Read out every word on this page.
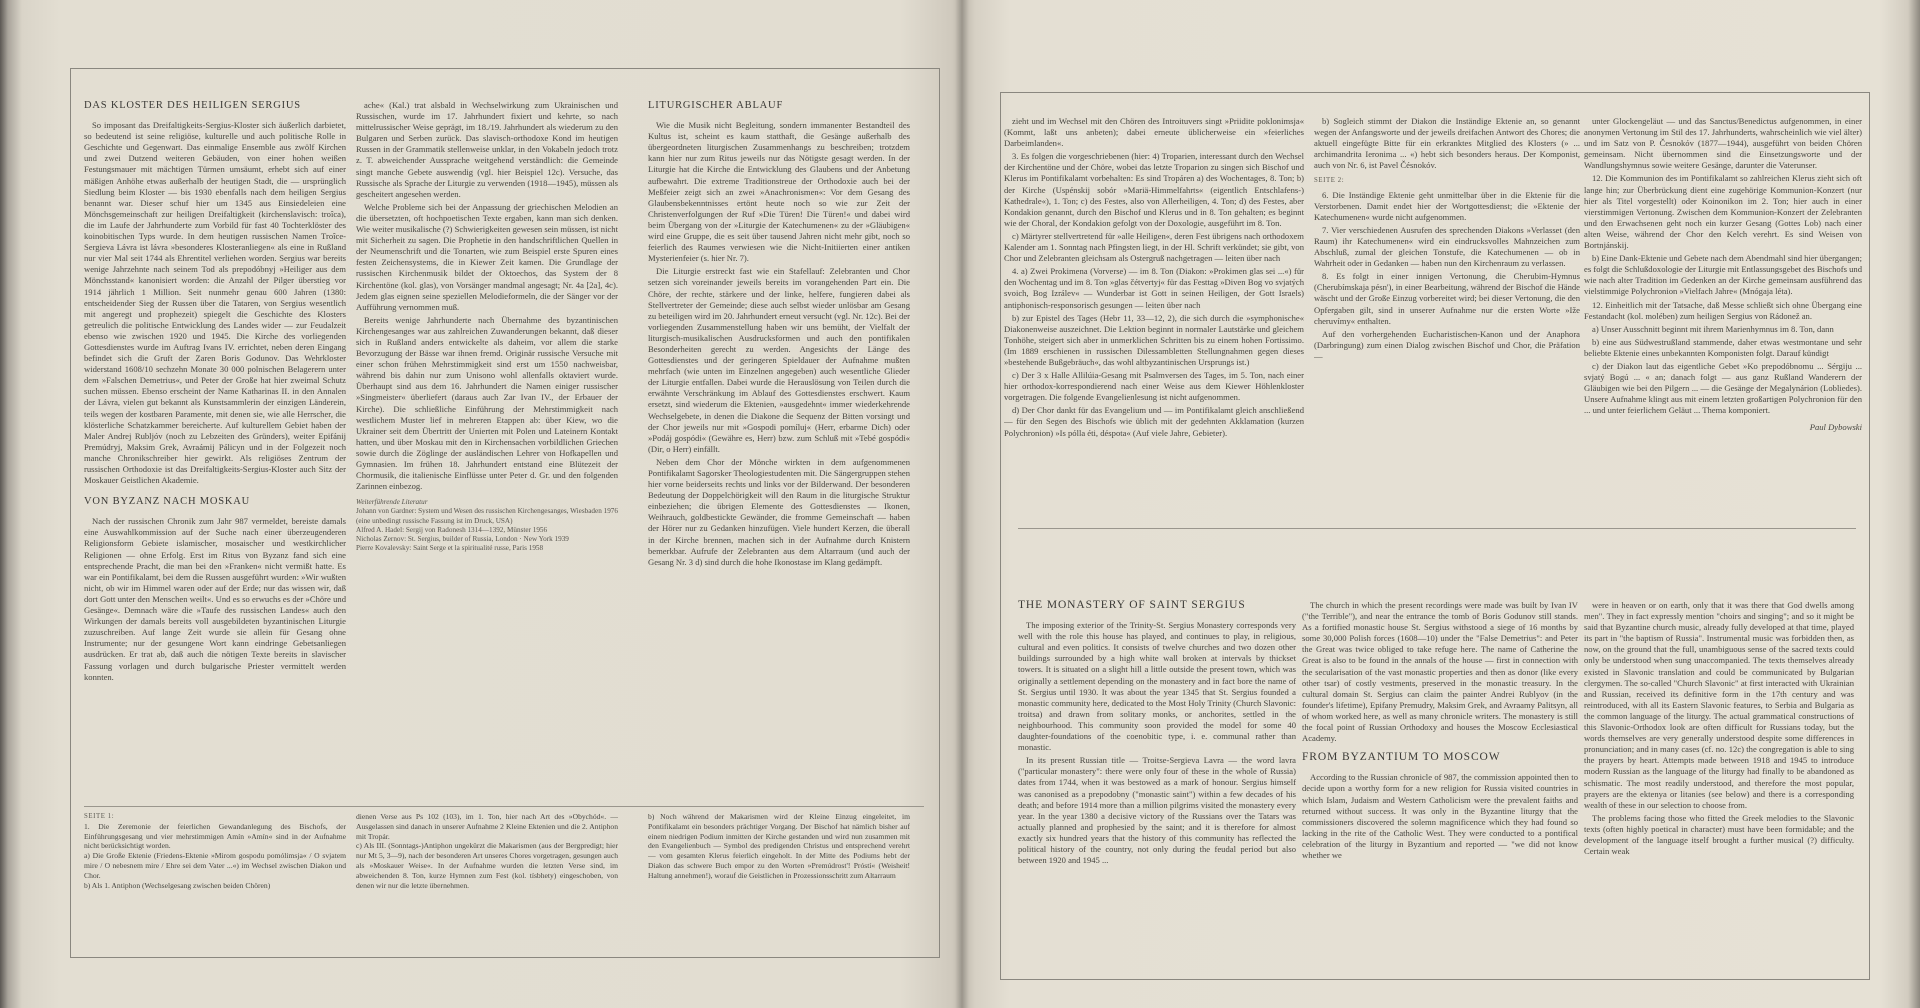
DAS KLOSTER DES HEILIGEN SERGIUS

So imposant das Dreifaltigkeits-Sergius-Kloster sich äußerlich darbietet, so bedeutend ist seine religiöse, kulturelle und auch politische Rolle in Geschichte und Gegenwart. Das einmalige Ensemble aus zwölf Kirchen und zwei Dutzend weiteren Gebäuden, von einer hohen weißen Festungsmauer mit mächtigen Türmen umsäumt, erhebt sich auf einer mäßigen Anhöhe etwas außerhalb der heutigen Stadt, die — ursprünglich Siedlung beim Kloster — bis 1930 ebenfalls nach dem heiligen Sergius benannt war. Dieser schuf hier um 1345 aus Einsiedeleien eine Mönchsgemeinschaft zur heiligen Dreifaltigkeit (kirchenslavisch: troîca), die im Laufe der Jahrhunderte zum Vorbild für fast 40 Tochterklöster des koinobitischen Typs wurde. In dem heutigen russischen Namen Troîce-Sergieva Lávra ist lávra »besonderes Klosteranliegen« als eine in Rußland nur vier Mal seit 1744 als Ehrentitel verliehen worden. Sergius war bereits wenige Jahrzehnte nach seinem Tod als prepodóbnyj »Heiliger aus dem Mönchsstand« kanonisiert worden: die Anzahl der Pilger überstieg vor 1914 jährlich 1 Million. Seit nunmehr genau 600 Jahren (1380: entscheidender Sieg der Russen über die Tataren, von Sergius wesentlich mit angeregt und prophezeit) spiegelt die Geschichte des Klosters getreulich die politische Entwicklung des Landes wider — zur Feudalzeit ebenso wie zwischen 1920 und 1945. Die Kirche des vorliegenden Gottesdienstes wurde im Auftrag Ivans IV. errichtet, neben deren Eingang befindet sich die Gruft der Zaren Boris Godunov. Das Wehrkloster widerstand 1608/10 sechzehn Monate 30 000 polnischen Belagerern unter dem »Falschen Demetrius«, und Peter der Große hat hier zweimal Schutz suchen müssen. Ebenso erscheint der Name Katharinas II. in den Annalen der Lávra, vielen gut bekannt als Kunstsammlerin der einzigen Länderein, teils wegen der kostbaren Paramente, mit denen sie, wie alle Herrscher, die klösterliche Schatzkammer bereicherte. Auf kulturellem Gebiet haben der Maler Andrej Rubljóv (noch zu Lebzeiten des Gründers), weiter Epifánij Premúdryj, Maksim Grek, Avraámij Pálicyn und in der Folgezeit noch manche Chronikschreiber hier gewirkt. Als religiöses Zentrum der russischen Orthodoxie ist das Dreifaltigkeits-Sergius-Kloster auch Sitz der Moskauer Geistlichen Akademie.

VON BYZANZ NACH MOSKAU

Nach der russischen Chronik zum Jahr 987 vermeldet, bereiste damals eine Auswahlkommission auf der Suche nach einer überzeugenderen Religionsform Gebiete islamischer, mosaischer und westkirchlicher Religionen — ohne Erfolg. Erst im Ritus von Byzanz fand sich eine entsprechende Pracht, die man bei den »Franken« nicht vermißt hatte. Es war ein Pontifikalamt, bei dem die Russen ausgeführt wurden: »Wir wußten nicht, ob wir im Himmel waren oder auf der Erde; nur das wissen wir, daß dort Gott unter den Menschen weilt«. Und es so erwuchs es der »Chöre und Gesänge«. Demnach wäre die »Taufe des russischen Landes« auch den Wirkungen der damals bereits voll ausgebildeten byzantinischen Liturgie zuzuschreiben. Auf lange Zeit wurde sie allein für Gesang ohne Instrumente; nur der gesungene Wort kann eindringe Gebetsanliegen ausdrücken. Er trat ab, daß auch die nötigen Texte bereits in slavischer Fassung vorlagen und durch bulgarische Priester vermittelt werden konnten.

ache« (Kal.) trat alsbald in Wechselwirkung zum Ukrainischen und Russischen, wurde im 17. Jahrhundert fixiert und kehrte, so nach mittelrussischer Weise geprägt, im 18./19. Jahrhundert als wiederum zu den Bulgaren und Serben zurück. Das slavisch-orthodoxe Kond im heutigen Russen in der Grammatik stellenweise unklar, in den Vokabeln jedoch trotz z. T. abweichender Aussprache weitgehend verständlich: die Gemeinde singt manche Gebete auswendig (vgl. hier Beispiel 12c). Versuche, das Russische als Sprache der Liturgie zu verwenden (1918—1945), müssen als gescheitert angesehen werden.

Welche Probleme sich bei der Anpassung der griechischen Melodien an die übersetzten, oft hochpoetischen Texte ergaben, kann man sich denken. Wie weiter musikalische (?) Schwierigkeiten gewesen sein müssen, ist nicht mit Sicherheit zu sagen. Die Prophetie in den handschriftlichen Quellen in der Neumenschrift und die Tonarten, wie zum Beispiel erste Spuren eines festen Zeichensystems, die in Kiewer Zeit kamen. Die Grundlage der russischen Kirchenmusik bildet der Oktoechos, das System der 8 Kirchentöne (kol. glas), von Vorsänger mandmal angesagt; Nr. 4a [2a], 4c). Jedem glas eignen seine speziellen Melodieformeln, die der Sänger vor der Aufführung vernommen muß.

Bereits wenige Jahrhunderte nach Übernahme des byzantinischen Kirchengesanges war aus zahlreichen Zuwanderungen bekannt, daß dieser sich in Rußland anders entwickelte als daheim, vor allem die starke Bevorzugung der Bässe war ihnen fremd. Originär russische Versuche mit einer schon frühen Mehrstimmigkeit sind erst um 1550 nachweisbar, während bis dahin nur zum Unisono wohl allenfalls oktaviert wurde. Überhaupt sind aus dem 16. Jahrhundert die Namen einiger russischer »Singmeister« überliefert (daraus auch Zar Ivan IV., der Erbauer der Kirche). Die schließliche Einführung der Mehrstimmigkeit nach westlichem Muster lief in mehreren Etappen ab: über Kiew, wo die Ukrainer seit dem Übertritt der Unierten mit Polen und Lateinern Kontakt hatten, und über Moskau mit den in Kirchensachen vorbildlichen Griechen sowie durch die Zöglinge der ausländischen Lehrer von Hofkapellen und Gymnasien. Im frühen 18. Jahrhundert entstand eine Blütezeit der Chormusik, die italienische Einflüsse unter Peter d. Gr. und den folgenden Zarinnen einbezog.

Weiterführende Literatur
Johann von Gardner: System und Wesen des russischen Kirchengesanges, Wiesbaden 1976 (eine unbedingt russische Fassung ist im Druck, USA)
Alfred A. Hadel: Sergij von Radonesh 1314—1392, Münster 1956
Nicholas Zernov: St. Sergius, builder of Russia, London · New York 1939
Pierre Kovalevsky: Saint Serge et la spiritualité russe, Paris 1958
LITURGISCHER ABLAUF

Wie die Musik nicht Begleitung, sondern immanenter Bestandteil des Kultus ist, scheint es kaum statthaft, die Gesänge außerhalb des übergeordneten liturgischen Zusammenhangs zu beschreiben; trotzdem kann hier nur zum Ritus jeweils nur das Nötigste gesagt werden. In der Liturgie hat die Kirche die Entwicklung des Glaubens und der Anbetung aufbewahrt. Die extreme Traditionstreue der Orthodoxie auch bei der Meßfeier zeigt sich an zwei »Anachronismen«: Vor dem Gesang des Glaubensbekenntnisses ertönt heute noch so wie zur Zeit der Christenverfolgungen der Ruf »Die Türen! Die Türen!« und dabei wird beim Übergang von der »Liturgie der Katechumenen« zu der »Gläubigen« wird eine Gruppe, die es seit über tausend Jahren nicht mehr gibt, noch so feierlich des Raumes verwiesen wie die Nicht-Initiierten einer antiken Mysterienfeier (s. hier Nr. 7).

Die Liturgie erstreckt fast wie ein Stafellauf: Zelebranten und Chor setzen sich voreinander jeweils bereits im vorangehenden Part ein. Die Chöre, der rechte, stärkere und der linke, helfere, fungieren dabei als Stellvertreter der Gemeinde; diese auch selbst wieder unlösbar am Gesang zu beteiligen wird im 20. Jahrhundert erneut versucht (vgl. Nr. 12c). Bei der vorliegenden Zusammenstellung haben wir uns bemüht, der Vielfalt der liturgisch-musikalischen Ausdrucksformen und auch den pontifikalen Besonderheiten gerecht zu werden. Angesichts der Länge des Gottesdienstes und der geringeren Spieldauer der Aufnahme mußten mehrfach (wie unten im Einzelnen angegeben) auch wesentliche Glieder der Liturgie entfallen. Dabei wurde die Herauslösung von Teilen durch die erwähnte Verschränkung im Ablauf des Gottesdienstes erschwert. Kaum ersetzt, sind wiederum die Ektenien, »ausgedehnt« immer wiederkehrende Wechselgebete, in denen die Diakone die Sequenz der Bitten vorsingt und der Chor jeweils nur mit »Gospodi pomíluj« (Herr, erbarme Dich) oder »Podáj gospódi« (Gewähre es, Herr) bzw. zum Schluß mit »Tebé gospódi« (Dir, o Herr) einfällt.

Neben dem Chor der Mönche wirkten in dem aufgenommenen Pontifikalamt Sagorsker Theologiestudenten mit. Die Sängergruppen stehen hier vorne beiderseits rechts und links vor der Bilderwand. Der besonderen Bedeutung der Doppelchörigkeit will den Raum in die liturgische Struktur einbeziehen; die übrigen Elemente des Gottesdienstes — Ikonen, Weihrauch, goldbestickte Gewänder, die fromme Gemeinschaft — haben der Hörer nur zu Gedanken hinzufügen. Viele hundert Kerzen, die überall in der Kirche brennen, machen sich in der Aufnahme durch Knistern bemerkbar. Aufrufe der Zelebranten aus dem Altarraum (und auch der Gesang Nr. 3 d) sind durch die hohe Ikonostase im Klang gedämpft.

SEITE 1:
1. Die Zeremonie der feierlichen Gewandanlegung des Bischofs, der Einführungsgesang und vier mehrstimmigen Amín »Amín« sind in der Aufnahme nicht berücksichtigt worden.
a) Die Große Ektenie (Friedens-Ektenie »Mirom gospodu pomólimsja« / O svjatem mire / O nebesnem mire / Ehre sei dem Vater ...«) im Wechsel zwischen Diakon und Chor.
b) Als 1. Antiphon (Wechselgesang zwischen beiden Chören)
dienen Verse aus Ps 102 (103), im 1. Ton, hier nach Art des »Obychód«. — Ausgelassen sind danach in unserer Aufnahme 2 Kleine Ektenien und die 2. Antiphon mit Tropár.
c) Als III. (Sonntags-)Antiphon ungekürzt die Makarismen (aus der Bergpredigt; hier nur Mt 5, 3—9), nach der besonderen Art unseres Chores vorgetragen, gesungen auch als »Moskauer Weise«. In der Aufnahme wurden die letzten Verse sind, im abweichenden 8. Ton, kurze Hymnen zum Fest (kol. tísbhety) eingeschoben, von denen wir nur die letzte übernehmen.
b) Noch während der Makarismen wird der Kleine Einzug eingeleitet, im Pontifikalamt ein besonders prächtiger Vorgang. Der Bischof hat nämlich bisher auf einem niedrigen Podium inmitten der Kirche gestanden und wird nun zusammen mit den Evangelienbuch — Symbol des predigenden Christus und entsprechend verehrt — vom gesamten Klerus feierlich eingeholt. In der Mitte des Podiums hebt der Diakon das schwere Buch empor zu den Worten »Premúdrost'! Próstí« (Weisheit! Haltung annehmen!), worauf die Geistlichen in Prozessionsschritt zum Altarraum

zieht und im Wechsel mit den Chören des Introituvers singt »Priidite poklonimsja« (Kommt, laßt uns anbeten); dabei erneute üblicherweise ein »feierliches Darbeimlanden«.

3. Es folgen die vorgeschriebenen (hier: 4) Troparien, interessant durch den Wechsel der Kirchentöne und der Chöre, wobei das letzte Troparion zu singen sich Bischof und Klerus im Pontifikalamt vorbehalten: Es sind Tropáren a) des Wochentages, 8. Ton; b) der Kirche (Uspénskij sobór »Mariä-Himmelfahrts« (eigentlich Entschlafens-) Kathedrale«), 1. Ton; c) des Festes, also von Allerheiligen, 4. Ton; d) des Festes, aber Kondakion genannt, durch den Bischof und Klerus und in 8. Ton gehalten; es beginnt wie der Choral, der Kondakion gefolgt von der Doxologie, ausgeführt im 8. Ton.

c) Märtyrer stellvertretend für »alle Heiligen«, deren Fest übrigens nach orthodoxem Kalender am 1. Sonntag nach Pfingsten liegt, in der Hl. Schrift verkündet; sie gibt, von Chor und Zelebranten gleichsam als Ostergruß nachgetragen — leiten über nach

4. a) Zwei Prokimena (Vorverse) — im 8. Ton (Diakon: »Prokimen glas sei ...«) für den Wochentag und im 8. Ton »glas čétvertyj« für das Festtag »Diven Bog vo svjatých svoich, Bog Izrálev« — Wunderbar ist Gott in seinen Heiligen, der Gott Israels) antiphonisch-responsorisch gesungen — leiten über nach

b) zur Epistel des Tages (Hebr 11, 33—12, 2), die sich durch die »symphonische« Diakonenweise auszeichnet. Die Lektion beginnt in normaler Lautstärke und gleichem Tonhöhe, steigert sich aber in unmerklichen Schritten bis zu einem hohen Fortissimo. (Im 1889 erschienen in russischen Dilessambletten Stellungnahmen gegen dieses »bestehende Bußgebräuch«, das wohl altbyzantinischen Ursprungs ist.)

c) Der 3 x Halle Allilúia-Gesang mit Psalmversen des Tages, im 5. Ton, nach einer hier orthodox-korrespondierend nach einer Weise aus dem Kiewer Höhlenkloster vorgetragen. Die folgende Evangelienlesung ist nicht aufgenommen.

d) Der Chor dankt für das Evangelium und — im Pontifikalamt gleich anschließend — für den Segen des Bischofs wie üblich mit der gedehnten Akklamation (kurzen Polychronion) »Is pólla éti, déspota« (Auf viele Jahre, Gebieter).

b) Sogleich stimmt der Diakon die Inständige Ektenie an, so genannt wegen der Anfangsworte und der jeweils dreifachen Antwort des Chores; die aktuell eingefügte Bitte für ein erkranktes Mitglied des Klosters (» ... archimandrita Ieronima ... «) hebt sich besonders heraus. Der Komponist, auch von Nr. 6, ist Pavel Čésnokóv.

SEITE 2:

6. Die Inständige Ektenie geht unmittelbar über in die Ektenie für die Verstorbenen. Damit endet hier der Wortgottesdienst; die »Ektenie der Katechumenen« wurde nicht aufgenommen.

7. Vier verschiedenen Ausrufen des sprechenden Diakons »Verlasset (den Raum) ihr Katechumenen« wird ein eindrucksvolles Mahnzeichen zum Abschluß, zumal der gleichen Tonstufe, die Katechumenen — ob in Wahrheit oder in Gedanken — haben nun den Kirchenraum zu verlassen.

8. Es folgt in einer innigen Vertonung, die Cherubim-Hymnus (Cherubímskaja pésn'), in einer Bearbeitung, während der Bischof die Hände wäscht und der Große Einzug vorbereitet wird; bei dieser Vertonung, die den Opfergaben gilt, sind in unserer Aufnahme nur die ersten Worte »Iže cheruvímy« enthalten.

Auf den vorhergehenden Eucharistischen-Kanon und der Anaphora (Darbringung) zum einen Dialog zwischen Bischof und Chor, die Präfation —

unter Glockengeläut — und das Sanctus/Benedictus aufgenommen, in einer anonymen Vertonung im Stil des 17. Jahrhunderts, wahrscheinlich wie viel älter) und im Satz von P. Česnokóv (1877—1944), ausgeführt von beiden Chören gemeinsam. Nicht übernommen sind die Einsetzungsworte und der Wandlungshymnus sowie weitere Gesänge, darunter die Vaterunser.

12. Die Kommunion des im Pontifikalamt so zahlreichen Klerus zieht sich oft lange hin; zur Überbrückung dient eine zugehörige Kommunion-Konzert (nur hier als Titel vorgestellt) oder Koinonikon im 2. Ton; hier auch in einer vierstimmigen Vertonung. Zwischen dem Kommunion-Konzert der Zelebranten und den Erwachsenen geht noch ein kurzer Gesang (Gottes Lob) nach einer alten Weise, während der Chor den Kelch verehrt. Es sind Weisen von Bortnjánskij.

b) Eine Dank-Ektenie und Gebete nach dem Abendmahl sind hier übergangen; es folgt die Schlußdoxologie der Liturgie mit Entlassungsgebet des Bischofs und wie nach alter Tradition im Gedenken an der Kirche gemeinsam ausführend das vielstimmige Polychronion »Vielfach Jahre« (Mnógaja léta).

12. Einheitlich mit der Tatsache, daß Messe schließt sich ohne Übergang eine Festandacht (kol. molében) zum heiligen Sergius von Rádonež an.

a) Unser Ausschnitt beginnt mit ihrem Marienhymnus im 8. Ton, dann

b) eine aus Südwestrußland stammende, daher etwas westmontane und sehr beliebte Ektenie eines unbekannten Komponisten folgt. Darauf kündigt

c) der Diakon laut das eigentliche Gebet »Ko prepodóbnomu ... Sérgiju ... svjatý Bogú ... « an; danach folgt — aus ganz Rußland Wanderern der Gläubigen wie bei den Pilgern ... — die Gesänge der Megalynárion (Lobliedes). Unsere Aufnahme klingt aus mit einem letzten großartigen Polychronion für den ... und unter feierlichem Geläut ... Thema komponiert.

Paul Dybowski
THE MONASTERY OF SAINT SERGIUS

The imposing exterior of the Trinity-St. Sergius Monastery corresponds very well with the role this house has played, and continues to play, in religious, cultural and even politics. It consists of twelve churches and two dozen other buildings surrounded by a high white wall broken at intervals by thickset towers. It is situated on a slight hill a little outside the present town, which was originally a settlement depending on the monastery and in fact bore the name of St. Sergius until 1930. It was about the year 1345 that St. Sergius founded a monastic community here, dedicated to the Most Holy Trinity (Church Slavonic: troitsa) and drawn from solitary monks, or anchorites, settled in the neighbourhood. This community soon provided the model for some 40 daughter-foundations of the coenobitic type, i. e. communal rather than monastic.

In its present Russian title — Troitse-Sergieva Lavra — the word lavra ("particular monastery": there were only four of these in the whole of Russia) dates from 1744, when it was bestowed as a mark of honour. Sergius himself was canonised as a prepodobny ("monastic saint") within a few decades of his death; and before 1914 more than a million pilgrims visited the monastery every year. In the year 1380 a decisive victory of the Russians over the Tatars was actually planned and prophesied by the saint; and it is therefore for almost exactly six hundred years that the history of this community has reflected the political history of the country, not only during the feudal period but also between 1920 and 1945 ...

The church in which the present recordings were made was built by Ivan IV ("the Terrible"), and near the entrance the tomb of Boris Godunov still stands. As a fortified monastic house St. Sergius withstood a siege of 16 months by some 30,000 Polish forces (1608—10) under the "False Demetrius": and Peter the Great was twice obliged to take refuge here. The name of Catherine the Great is also to be found in the annals of the house — first in connection with the secularisation of the vast monastic properties and then as donor (like every other tsar) of costly vestments, preserved in the monastic treasury. In the cultural domain St. Sergius can claim the painter Andrei Rublyov (in the founder's lifetime), Epifany Premudry, Maksim Grek, and Avraamy Palitsyn, all of whom worked here, as well as many chronicle writers. The monastery is still the focal point of Russian Orthodoxy and houses the Moscow Ecclesiastical Academy.

FROM BYZANTIUM TO MOSCOW

According to the Russian chronicle of 987, the commission appointed then to decide upon a worthy form for a new religion for Russia visited countries in which Islam, Judaism and Western Catholicism were the prevalent faiths and returned without success. It was only in the Byzantine liturgy that the commissioners discovered the solemn magnificence which they had found so lacking in the rite of the Catholic West. They were conducted to a pontifical celebration of the liturgy in Byzantium and reported — "we did not know whether we

were in heaven or on earth, only that it was there that God dwells among men". They in fact expressly mention "choirs and singing"; and so it might be said that Byzantine church music, already fully developed at that time, played its part in "the baptism of Russia". Instrumental music was forbidden then, as now, on the ground that the full, unambiguous sense of the sacred texts could only be understood when sung unaccompanied. The texts themselves already existed in Slavonic translation and could be communicated by Bulgarian clergymen. The so-called "Church Slavonic" at first interacted with Ukrainian and Russian, received its definitive form in the 17th century and was reintroduced, with all its Eastern Slavonic features, to Serbia and Bulgaria as the common language of the liturgy. The actual grammatical constructions of this Slavonic-Orthodox look are often difficult for Russians today, but the words themselves are very generally understood despite some differences in pronunciation; and in many cases (cf. no. 12c) the congregation is able to sing the prayers by heart. Attempts made between 1918 and 1945 to introduce modern Russian as the language of the liturgy had finally to be abandoned as schismatic. The most readily understood, and therefore the most popular, prayers are the ektenya or litanies (see below) and there is a corresponding wealth of these in our selection to choose from.

The problems facing those who fitted the Greek melodies to the Slavonic texts (often highly poetical in character) must have been formidable; and the development of the language itself brought a further musical (?) difficulty. Certain weak
